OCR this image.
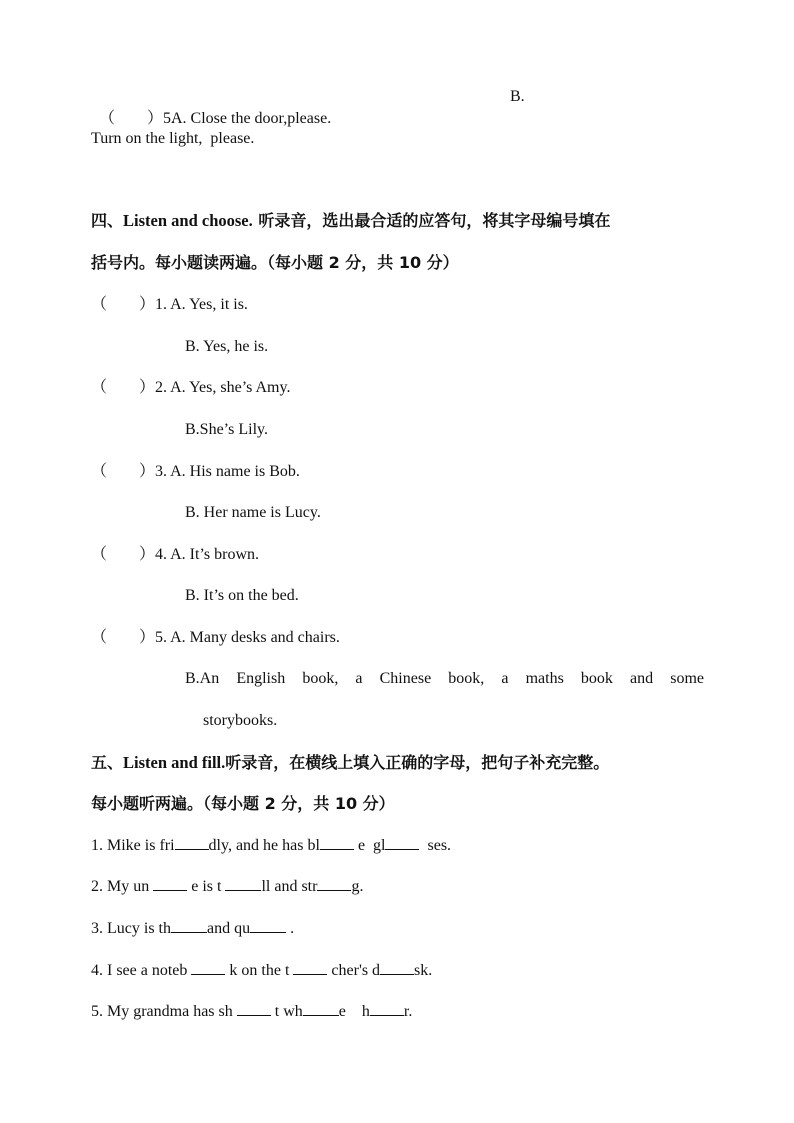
（　　）5.A. Close the door,please.

B.
Turn on the light,  please.
四、Listen and choose. 听录音，选出最合适的应答句，将其字母编号填在
括号内。每小题读两遍。（每小题 2 分，共 10 分）
（　　）1. A. Yes, it is.
B. Yes, he is.
（　　）2. A. Yes, she’s Amy.
B.She’s Lily.
（　　）3. A. His name is Bob.
B. Her name is Lucy.
（　　）4. A. It’s brown.
B. It’s on the bed.
（　　）5. A. Many desks and chairs.
B.An English book, a Chinese book, a maths book and some
storybooks.
五、Listen and fill.听录音，在横线上填入正确的字母，把句子补充完整。
每小题听两遍。（每小题 2 分，共 10 分）
1. Mike is fri dly, and he has bl e  gl  ses.
2. My un  e is t ll and str g.
3. Lucy is th and qu .
4. I see a noteb  k on the t  cher's d sk.
5. My grandma has sh  t wh e    h r.
